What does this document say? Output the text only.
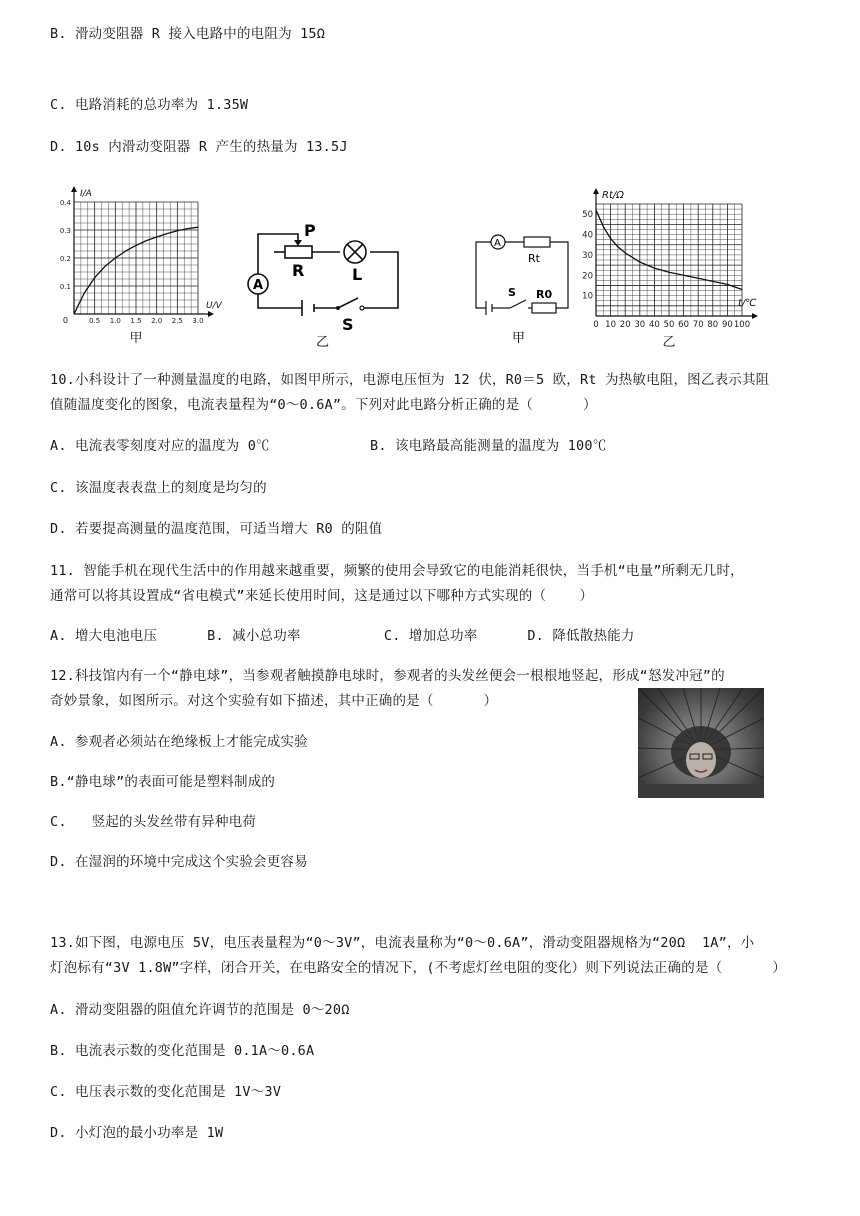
B. 滑动变阻器 R 接入电路中的电阻为 15Ω
C. 电路消耗的总功率为 1.35W
D. 10s 内滑动变阻器 R 产生的热量为 13.5J
0.5 1.0 1.5 2.0 2.5 3.0
0.1
0.2
0.3
0.4
0
I/A
U/V
甲
P
R	L
A
S
乙
A
Rt
S R0
甲
0 10 20 30 40 50 60 70 80 90 100
10
20
30
40
50
Rt/Ω
t/℃
乙
10.小科设计了一种测量温度的电路，如图甲所示，电源电压恒为 12 伏，R0＝5 欧，Rt 为热敏电阻，图乙表示其阻
值随温度变化的图象，电流表量程为“0～0.6A”。下列对此电路分析正确的是（      ）
A. 电流表零刻度对应的温度为 0℃	B. 该电路最高能测量的温度为 100℃
C. 该温度表表盘上的刻度是均匀的
D. 若要提高测量的温度范围，可适当增大 R0 的阻值
11. 智能手机在现代生活中的作用越来越重要，频繁的使用会导致它的电能消耗很快，当手机“电量”所剩无几时，
通常可以将其设置成“省电模式”来延长使用时间，这是通过以下哪种方式实现的（    ）
A. 增大电池电压      B. 减小总功率          C. 增加总功率      D. 降低散热能力
12.科技馆内有一个“静电球”，当参观者触摸静电球时，参观者的头发丝便会一根根地竖起，形成“怒发冲冠”的
奇妙景象，如图所示。对这个实验有如下描述，其中正确的是（      ）
A. 参观者必须站在绝缘板上才能完成实验
B.“静电球”的表面可能是塑料制成的
C.   竖起的头发丝带有异种电荷
D. 在湿润的环境中完成这个实验会更容易
13.如下图，电源电压 5V，电压表量程为“0～3V”，电流表量称为“0～0.6A”，滑动变阻器规格为“20Ω  1A”，小
灯泡标有“3V 1.8W”字样，闭合开关，在电路安全的情况下，(不考虑灯丝电阻的变化）则下列说法正确的是（      ）
A. 滑动变阻器的阻值允许调节的范围是 0～20Ω
B. 电流表示数的变化范围是 0.1A～0.6A
C. 电压表示数的变化范围是 1V～3V
D. 小灯泡的最小功率是 1W
